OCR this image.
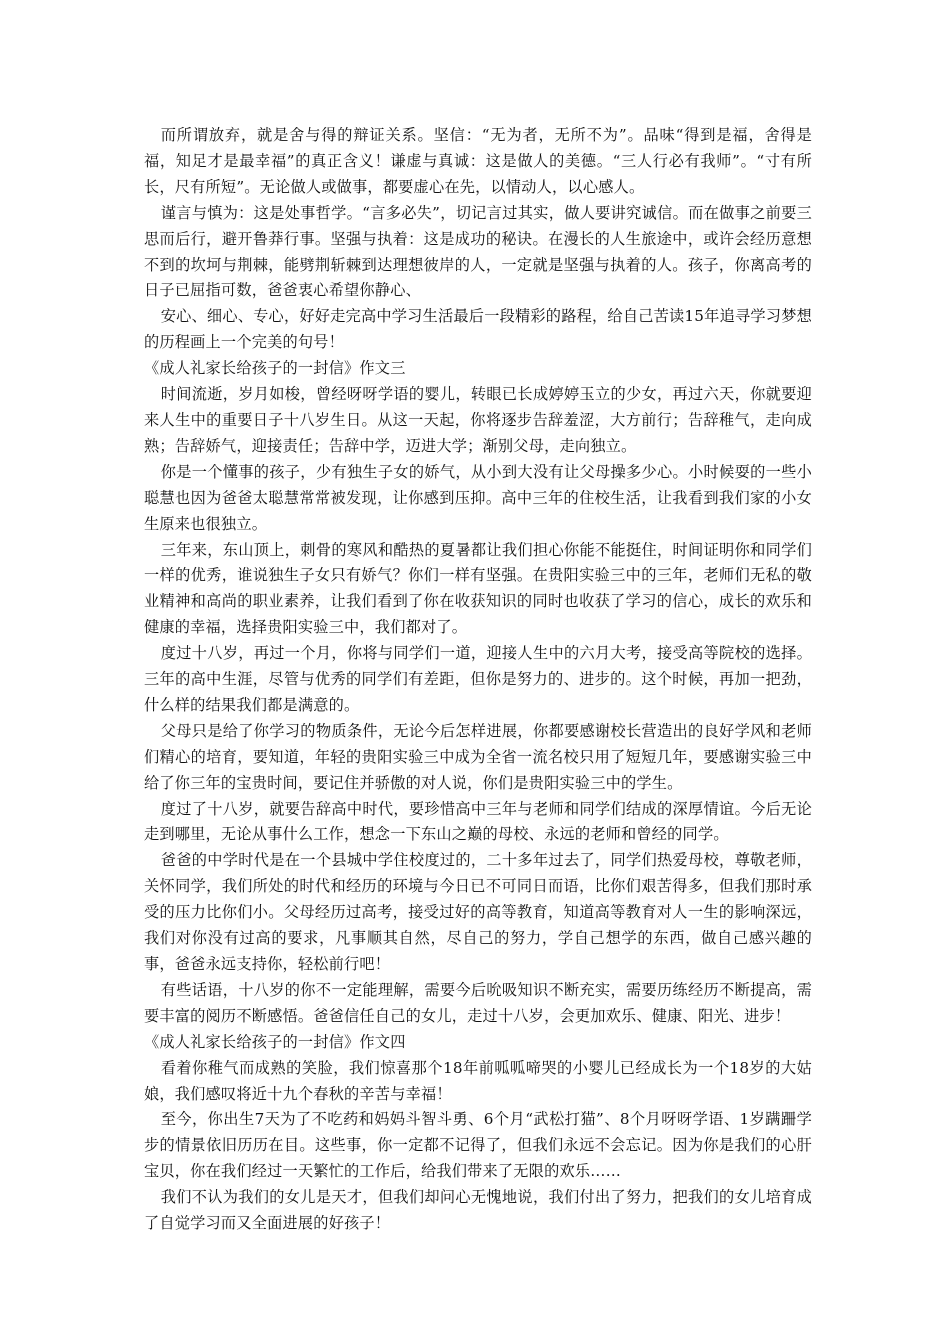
而所谓放弃，就是舍与得的辩证关系。坚信：“无为者，无所不为”。品味“得到是福，舍得是福，知足才是最幸福”的真正含义！谦虚与真诚：这是做人的美德。“三人行必有我师”。“寸有所长，尺有所短”。无论做人或做事，都要虚心在先，以情动人，以心感人。

谨言与慎为：这是处事哲学。“言多必失”，切记言过其实，做人要讲究诚信。而在做事之前要三思而后行，避开鲁莽行事。坚强与执着：这是成功的秘诀。在漫长的人生旅途中，或许会经历意想不到的坎坷与荆棘，能劈荆斩棘到达理想彼岸的人，一定就是坚强与执着的人。孩子，你离高考的日子已屈指可数，爸爸衷心希望你静心、

安心、细心、专心，好好走完高中学习生活最后一段精彩的路程，给自己苦读15年追寻学习梦想的历程画上一个完美的句号！

《成人礼家长给孩子的一封信》作文三

时间流逝，岁月如梭，曾经呀呀学语的婴儿，转眼已长成婷婷玉立的少女，再过六天，你就要迎来人生中的重要日子十八岁生日。从这一天起，你将逐步告辞羞涩，大方前行；告辞稚气，走向成熟；告辞娇气，迎接责任；告辞中学，迈进大学；渐别父母，走向独立。

你是一个懂事的孩子，少有独生子女的娇气，从小到大没有让父母操多少心。小时候耍的一些小聪慧也因为爸爸太聪慧常常被发现，让你感到压抑。高中三年的住校生活，让我看到我们家的小女生原来也很独立。

三年来，东山顶上，刺骨的寒风和酷热的夏暑都让我们担心你能不能挺住，时间证明你和同学们一样的优秀，谁说独生子女只有娇气？你们一样有坚强。在贵阳实验三中的三年，老师们无私的敬业精神和高尚的职业素养，让我们看到了你在收获知识的同时也收获了学习的信心，成长的欢乐和健康的幸福，选择贵阳实验三中，我们都对了。

度过十八岁，再过一个月，你将与同学们一道，迎接人生中的六月大考，接受高等院校的选择。三年的高中生涯，尽管与优秀的同学们有差距，但你是努力的、进步的。这个时候，再加一把劲，什么样的结果我们都是满意的。

父母只是给了你学习的物质条件，无论今后怎样进展，你都要感谢校长营造出的良好学风和老师们精心的培育，要知道，年轻的贵阳实验三中成为全省一流名校只用了短短几年，要感谢实验三中给了你三年的宝贵时间，要记住并骄傲的对人说，你们是贵阳实验三中的学生。

度过了十八岁，就要告辞高中时代，要珍惜高中三年与老师和同学们结成的深厚情谊。今后无论走到哪里，无论从事什么工作，想念一下东山之巅的母校、永远的老师和曾经的同学。

爸爸的中学时代是在一个县城中学住校度过的，二十多年过去了，同学们热爱母校，尊敬老师，关怀同学，我们所处的时代和经历的环境与今日已不可同日而语，比你们艰苦得多，但我们那时承受的压力比你们小。父母经历过高考，接受过好的高等教育，知道高等教育对人一生的影响深远，我们对你没有过高的要求，凡事顺其自然，尽自己的努力，学自己想学的东西，做自己感兴趣的事，爸爸永远支持你，轻松前行吧！

有些话语，十八岁的你不一定能理解，需要今后吮吸知识不断充实，需要历练经历不断提高，需要丰富的阅历不断感悟。爸爸信任自己的女儿，走过十八岁，会更加欢乐、健康、阳光、进步！

《成人礼家长给孩子的一封信》作文四

看着你稚气而成熟的笑脸，我们惊喜那个18年前呱呱啼哭的小婴儿已经成长为一个18岁的大姑娘，我们感叹将近十九个春秋的辛苦与幸福！

至今，你出生7天为了不吃药和妈妈斗智斗勇、6个月“武松打猫”、8个月呀呀学语、1岁蹒跚学步的情景依旧历历在目。这些事，你一定都不记得了，但我们永远不会忘记。因为你是我们的心肝宝贝，你在我们经过一天繁忙的工作后，给我们带来了无限的欢乐……

我们不认为我们的女儿是天才，但我们却问心无愧地说，我们付出了努力，把我们的女儿培育成了自觉学习而又全面进展的好孩子！
